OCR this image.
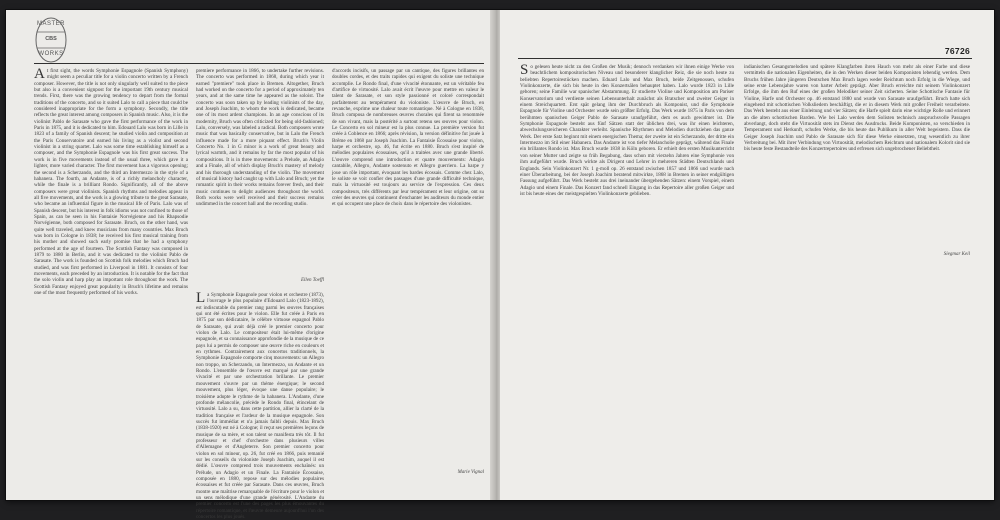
MASTER
CBS
WORKS
At first sight, the words Symphonie Espagnole (Spanish Symphony) might seem a peculiar title for a violin concerto written by a French composer. However, the title is not only singularly well suited to the piece but also is a convenient signpost for the important 19th century musical trends. First, there was the growing tendency to depart from the formal traditions of the concerto, and so it suited Lalo to call a piece that could be considered inappropriate for the form a symphony. Secondly, the title reflects the great interest among composers in Spanish music. Also, it is the violinist Pablo de Sarasate who gave the first performance of the work in Paris in 1875, and it is dedicated to him. Edouard Lalo was born in Lille in 1823 of a family of Spanish descent; he studied violin and composition at the Paris Conservatoire and earned his living as a violist and second violinist in a string quartet. Lalo was some time establishing himself as a composer, and the Symphonie Espagnole was his first great success. The work is in five movements instead of the usual three, which gave it a lighter, more varied character. The first movement has a vigorous opening; the second is a Scherzando, and the third an Intermezzo in the style of a habanera. The fourth, an Andante, is of a richly melancholy character, while the finale is a brilliant Rondo. Significantly, all of the above composers were great violinists. Spanish rhythms and melodies appear in all five movements, and the work is a glowing tribute to the great Sarasate, who became an influential figure in the musical life of Paris. Lalo was of Spanish descent, but his interest in folk idioms was not confined to those of Spain, as can be seen in his Fantaisie Norvégienne and his Rhapsodie Norvégienne, both composed for Sarasate. Bruch, on the other hand, was quite well traveled, and knew musicians from many countries. Max Bruch was born in Cologne in 1838; he received his first musical training from his mother and showed such early promise that he had a symphony performed at the age of fourteen. The Scottish Fantasy was composed in 1879 to 1880 in Berlin, and it was dedicated to the violinist Pablo de Sarasate. The work is founded on Scottish folk melodies which Bruch had studied, and was first performed in Liverpool in 1881. It consists of four movements, each preceded by an introduction. It is notable for the fact that the solo violin and harp play an important role throughout the work. The Scottish Fantasy enjoyed great popularity in Bruch's lifetime and remains one of the most frequently performed of his works.
premiere performance in 1866, to undertake further revisions. The concerto was performed in 1868, during which year it earned "premiere" took place in Bremen. Altogether, Bruch had worked on the concerto for a period of approximately ten years, and at the same time he appeared as the soloist. The concerto was soon taken up by leading violinists of the day, and Joseph Joachim, to whom the work is dedicated, became one of its most ardent champions. In an age conscious of its modernity, Bruch was often criticized for being old-fashioned; Lalo, conversely, was labeled a radical. Both composers wrote music that was basically conservative, but in Lalo the French influence made for a more piquant effect. Bruch's Violin Concerto No. 1 in G minor is a work of great beauty and lyrical warmth, and it remains by far the most popular of his compositions. It is in three movements: a Prelude, an Adagio and a Finale, all of which display Bruch's mastery of melody and his thorough understanding of the violin. The movement of musical history had caught up with Lalo and Bruch; yet the romantic spirit in their works remains forever fresh, and their music continues to delight audiences throughout the world. Both works were well received and their success remains undimmed in the concert hall and the recording studio.
Ellen Toeffl
La Symphonie Espagnole pour violon et orchestre (1873), l'ouvrage le plus populaire d'Edouard Lalo (1823-1892), est indiscutable du premier rang parmi les œuvres françaises qui ont été écrites pour le violon. Elle fut créée à Paris en 1875 par son dédicataire, le célèbre virtuose espagnol Pablo de Sarasate, qui avait déjà créé le premier concerto pour violon de Lalo. Le compositeur était lui-même d'origine espagnole, et sa connaissance approfondie de la musique de ce pays lui a permis de composer une œuvre riche en couleurs et en rythmes. Contrairement aux concertos traditionnels, la Symphonie Espagnole comporte cinq mouvements: un Allegro non troppo, un Scherzando, un Intermezzo, un Andante et un Rondo. L'ensemble de l'œuvre est marqué par une grande vivacité et par une orchestration brillante. Le premier mouvement s'ouvre par un thème énergique; le second mouvement, plus léger, évoque une danse populaire; le troisième adopte le rythme de la habanera. L'Andante, d'une profonde mélancolie, précède le Rondo final, étincelant de virtuosité. Lalo a su, dans cette partition, allier la clarté de la tradition française et l'ardeur de la musique espagnole. Son succès fut immédiat et n'a jamais faibli depuis. Max Bruch (1838-1920) est né à Cologne; il reçut ses premières leçons de musique de sa mère, et son talent se manifesta très tôt. Il fut professeur et chef d'orchestre dans plusieurs villes d'Allemagne et d'Angleterre. Son premier concerto pour violon en sol mineur, op. 26, fut créé en 1866, puis remanié sur les conseils du violoniste Joseph Joachim, auquel il est dédié. L'œuvre comprend trois mouvements enchaînés: un Prélude, un Adagio et un Finale. La Fantaisie Écossaise, composée en 1880, repose sur des mélodies populaires écossaises et fut créée par Sarasate. Dans ces œuvres, Bruch montre une maîtrise remarquable de l'écriture pour le violon et un sens mélodique d'une grande générosité. L'Andante du premier concerto est l'une des pages les plus émouvantes du répertoire romantique, et l'œuvre demeure aujourd'hui l'un des concertos les plus joués.
d'accords incisifs, un passage par un cantique, des figures brillantes en doubles cordes, et des traits rapides qui exigent du soliste une technique accomplie. Le Rondo final, d'une vivacité étonnante, est un véritable feu d'artifice de virtuosité. Lalo avait écrit l'œuvre pour mettre en valeur le talent de Sarasate, et son style passionné et coloré correspondait parfaitement au tempérament du violoniste. L'œuvre de Bruch, en revanche, exprime une chaleur toute romantique. Né à Cologne en 1838, Bruch composa de nombreuses œuvres chorales qui firent sa renommée de son vivant, mais la postérité a surtout retenu ses œuvres pour violon. Le Concerto en sol mineur est la plus connue. La première version fut créée à Coblence en 1866; après révision, la version définitive fut jouée à Brême en 1868 par Joseph Joachim. La Fantaisie Écossaise pour violon, harpe et orchestre, op. 46, fut écrite en 1880. Bruch s'est inspiré de mélodies populaires écossaises, qu'il a traitées avec une grande liberté. L'œuvre comprend une introduction et quatre mouvements: Adagio cantabile, Allegro, Andante sostenuto et Allegro guerriero. La harpe y joue un rôle important, évoquant les bardes écossais. Comme chez Lalo, le soliste se voit confier des passages d'une grande difficulté technique, mais la virtuosité est toujours au service de l'expression. Ces deux compositeurs, très différents par leur tempérament et leur origine, ont su créer des œuvres qui continuent d'enchanter les auditeurs du monde entier et qui occupent une place de choix dans le répertoire des violonistes.
Marie Vignal
76726
So gelesen heute nicht zu den Großen der Musik; dennoch verdanken wir ihnen einige Werke von beachtlichem kompositorischen Niveau und besonderer klanglicher Reiz, die sie noch heute zu beliebten Repertoirestücken machen. Eduard Lalo und Max Bruch, beide Zeitgenossen, schufen Violinkonzerte, die sich bis heute in den Konzertsälen behauptet haben. Lalo wurde 1823 in Lille geboren; seine Familie war spanischer Abstammung. Er studierte Violine und Komposition am Pariser Konservatorium und verdiente seinen Lebensunterhalt zunächst als Bratscher und zweiter Geiger in einem Streichquartett. Erst spät gelang ihm der Durchbruch als Komponist, und die Symphonie Espagnole für Violine und Orchester wurde sein größter Erfolg. Das Werk wurde 1875 in Paris von dem berühmten spanischen Geiger Pablo de Sarasate uraufgeführt, dem es auch gewidmet ist. Die Symphonie Espagnole besteht aus fünf Sätzen statt der üblichen drei, was ihr einen leichteren, abwechslungsreicheren Charakter verleiht. Spanische Rhythmen und Melodien durchziehen das ganze Werk. Der erste Satz beginnt mit einem energischen Thema; der zweite ist ein Scherzando, der dritte ein Intermezzo im Stil einer Habanera. Das Andante ist von tiefer Melancholie geprägt, während das Finale ein brillantes Rondo ist. Max Bruch wurde 1838 in Köln geboren. Er erhielt den ersten Musikunterricht von seiner Mutter und zeigte so früh Begabung, dass schon mit vierzehn Jahren eine Symphonie von ihm aufgeführt wurde. Bruch wirkte als Dirigent und Lehrer in mehreren Städten Deutschlands und Englands. Sein Violinkonzert Nr. 1 g-moll op. 26 entstand zwischen 1857 und 1866 und wurde nach einer Überarbeitung, bei der Joseph Joachim beratend mitwirkte, 1868 in Bremen in seiner endgültigen Fassung aufgeführt. Das Werk besteht aus drei ineinander übergehenden Sätzen: einem Vorspiel, einem Adagio und einem Finale. Das Konzert fand schnell Eingang in das Repertoire aller großen Geiger und ist bis heute eines der meistgespielten Violinkonzerte geblieben.
indianischen Gesangsmelodien und spätere Klangfarben ihren Hauch von mehr als einer Farbe und diese vermitteln die nationalen Eigenheiten, die in den Werken dieser beiden Komponisten lebendig werden. Dem Bruchs frühen Jahre jüngeren Deutschen Max Bruch lagen weder Reichtum noch Erfolg in die Wiege, und seine erste Lebensjahre waren von harter Arbeit geprägt. Aber Bruch erreichte mit seinem Violinkonzert Erfolge, die ihm den Ruf eines der großen Melodiker seiner Zeit sicherten. Seine Schottische Fantasie für Violine, Harfe und Orchester op. 46 entstand 1880 und wurde von Sarasate uraufgeführt. Bruch hatte sich eingehend mit schottischen Volksliedern beschäftigt, die er in diesem Werk mit großer Freiheit verarbeitete. Das Werk besteht aus einer Einleitung und vier Sätzen; die Harfe spielt darin eine wichtige Rolle und erinnert an die alten schottischen Barden. Wie bei Lalo werden dem Solisten technisch anspruchsvolle Passagen abverlangt, doch steht die Virtuosität stets im Dienst des Ausdrucks. Beide Komponisten, so verschieden in Temperament und Herkunft, schufen Werke, die bis heute das Publikum in aller Welt begeistern. Dass die Geiger Joseph Joachim und Pablo de Sarasate sich für diese Werke einsetzten, trug wesentlich zu ihrer Verbreitung bei. Mit ihrer Verbindung von Virtuosität, melodischem Reichtum und nationalem Kolorit sind sie bis heute feste Bestandteile des Konzertrepertoires und erfreuen sich ungebrochener Beliebtheit.
Siegmar Keil
